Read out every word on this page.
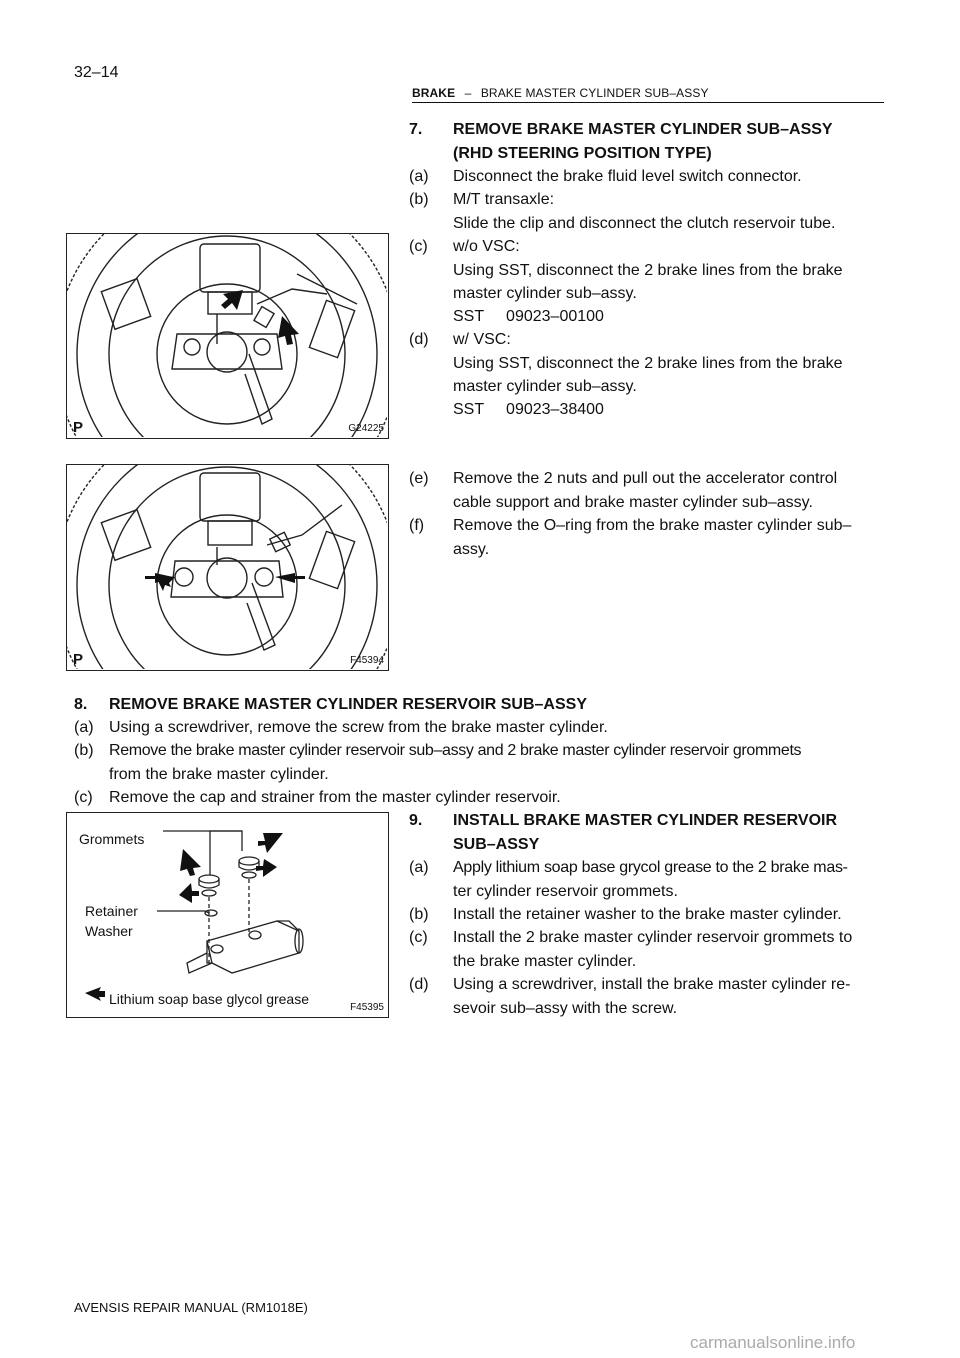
32–14
BRAKE – BRAKE MASTER CYLINDER SUB–ASSY
7. REMOVE BRAKE MASTER CYLINDER SUB–ASSY
(RHD STEERING POSITION TYPE)
(a) Disconnect the brake fluid level switch connector.
(b) M/T transaxle:
Slide the clip and disconnect the clutch reservoir tube.
(c) w/o VSC:
Using SST, disconnect the 2 brake lines from the brake
master cylinder sub–assy.
SST     09023–00100
(d) w/ VSC:
Using SST, disconnect the 2 brake lines from the brake
master cylinder sub–assy.
SST     09023–38400
(e) Remove the 2 nuts and pull out the accelerator control
cable support and brake master cylinder sub–assy.
(f) Remove the O–ring from the brake master cylinder sub–
assy.
P	G24225
P	F45394
8. REMOVE BRAKE MASTER CYLINDER RESERVOIR SUB–ASSY
(a) Using a screwdriver, remove the screw from the brake master cylinder.
(b) Remove the brake master cylinder reservoir sub–assy and 2 brake master cylinder reservoir grommets
from the brake master cylinder.
(c) Remove the cap and strainer from the master cylinder reservoir.
Grommets
Retainer
Washer
Lithium soap base glycol grease
F45395
9. INSTALL BRAKE MASTER CYLINDER RESERVOIR
SUB–ASSY
(a) Apply lithium soap base grycol grease to the 2 brake mas-
ter cylinder reservoir grommets.
(b) Install the retainer washer to the brake master cylinder.
(c) Install the 2 brake master cylinder reservoir grommets to
the brake master cylinder.
(d) Using a screwdriver, install the brake master cylinder re-
sevoir sub–assy with the screw.
AVENSIS REPAIR MANUAL (RM1018E)
carmanualsonline.info
